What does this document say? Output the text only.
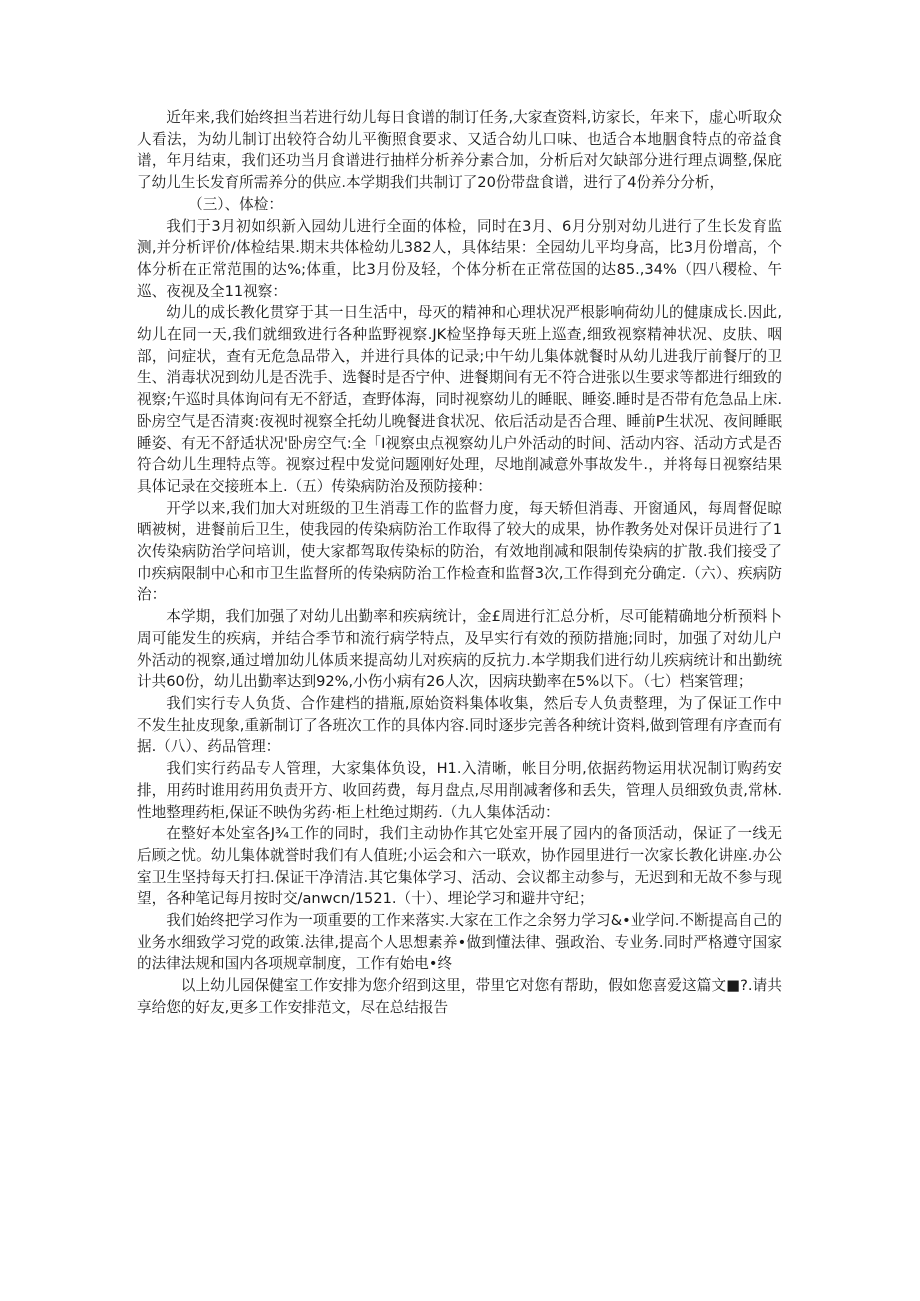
近年来,我们始终担当若进行幼儿每日食谱的制订任务,大家查资料,访家长，年来下，虚心听取众人看法，为幼儿制订出较符合幼儿平衡照食要求、又适合幼儿口味、也适合本地胭食特点的帝益食谱，年月结束，我们还功当月食谱进行抽样分析养分素合加，分析后对欠缺部分进行理点调整,保庇了幼儿生长发育所需养分的供应.本学期我们共制订了20份带盘食谱，进行了4份养分分析，

（三）、体检：

我们于3月初如织新入园幼儿进行全面的体检，同时在3月、6月分别对幼儿进行了生长发育监测,并分析评价/体检结果.期末共体检幼儿382人，具体结果：全园幼儿平均身高，比3月份增高，个体分析在正常范围的达%;体重，比3月份及轻，个体分析在正常莅国的达85.,34%（四八稷检、午巡、夜视及全11视察：

幼儿的成长教化贯穿于其一日生活中，母灭的精神和心理状况严根影响荷幼儿的健康成长.因此,幼儿在同一天,我们就细致进行各种监野视察.JK检坚挣每天班上巡查,细致视察精神状况、皮肤、咽部，问症状，查有无危急品带入，并进行具体的记录;中午幼儿集体就餐时从幼儿进我厅前餐厅的卫生、消毒状况到幼儿是否洗手、选餐时是否宁仲、进餐期间有无不符合进张以生要求等都进行细致的视察;午巡时具体询问有无不舒适，查野体海，同时视察幼儿的睡眠、睡姿.睡时是否带有危急品上床.卧房空气是否清爽:夜视时视察全托幼儿晚餐进食状况、依后活动是否合理、睡前P生状况、夜间睡眠睡姿、有无不舒适状况'卧房空气:全「I视察虫点视察幼儿户外活动的时间、活动内容、活动方式是否符合幼儿生理特点等。视察过程中发觉问题刚好处理，尽地削减意外事故发牛.，并将每日视察结果具体记录在交接班本上.（五）传染病防治及预防接种：

开学以来,我们加大对班级的卫生消毒工作的监督力度，每天轿但消毒、开窗通风，每周督促晾晒被树，进餐前后卫生，使我园的传染病防治工作取得了较大的成果，协作教务处对保讦员进行了1次传染病防治学问培训，使大家都驾取传染标的防治，有效地削减和限制传染病的扩散.我们接受了巾疾病限制中心和市卫生监督所的传染病防治工作检查和监督3次,工作得到充分确定.（六）、疾病防治：

本学期，我们加强了对幼儿出勤率和疾病统计，金£周进行汇总分析，尽可能精确地分析预料卜周可能发生的疾病，并结合季节和流行病学特点，及早实行有效的预防措施;同时，加强了对幼儿户外活动的视察,通过增加幼儿体质来提高幼儿对疾病的反抗力.本学期我们进行幼儿疾病统计和出勤统计共60份，幼儿出勤率达到92%,小伤小病有26人次，因病玦勤率在5%以下。（七）档案管理；

我们实行专人负货、合作建档的措瓶,原始资料集体收集，然后专人负责整理，为了保证工作中不发生扯皮现象,重新制订了各班次工作的具体内容.同时逐步完善各种统计资料,做到管理有序查而有据.（八）、药品管理：

我们实行药品专人管理，大家集体负设，H1.入清晰，帐目分明,依据药物运用状况制订购药安排，用药时谁用药用负责开方、收回药费，每月盘点,尽用削减奢侈和丢失，管理人员细致负责,常林.性地整理药柜,保证不映伪劣药·柜上杜绝过期药.（九人集体活动：

在整好本处室各J¾工作的同时，我们主动协作其它处室开展了园内的备顶活动，保证了一线无后顾之忧。幼儿集体就誉时我们有人值班;小运会和六一联欢，协作园里进行一次家长教化讲座.办公室卫生坚持每天打扫.保证干净清洁.其它集体学习、活动、会议都主动参与，无迟到和无故不参与现望，各种笔记每月按时交∕anwcn∕1521.（十）、埋论学习和避井守纪；

我们始终把学习作为一项重要的工作来落实.大家在工作之余努力学习&•业学问.不断提高自己的业务水细致学习党的政策.法律,提高个人思想素养•做到懂法律、强政治、专业务.同时严格遵守国家的法律法规和国内各项规章制度，工作有始电•终

以上幼儿园保健室工作安排为您介绍到这里，带里它对您有帮助，假如您喜爱这篇文■?.请共享给您的好友,更多工作安排范文，尽在总结报告
